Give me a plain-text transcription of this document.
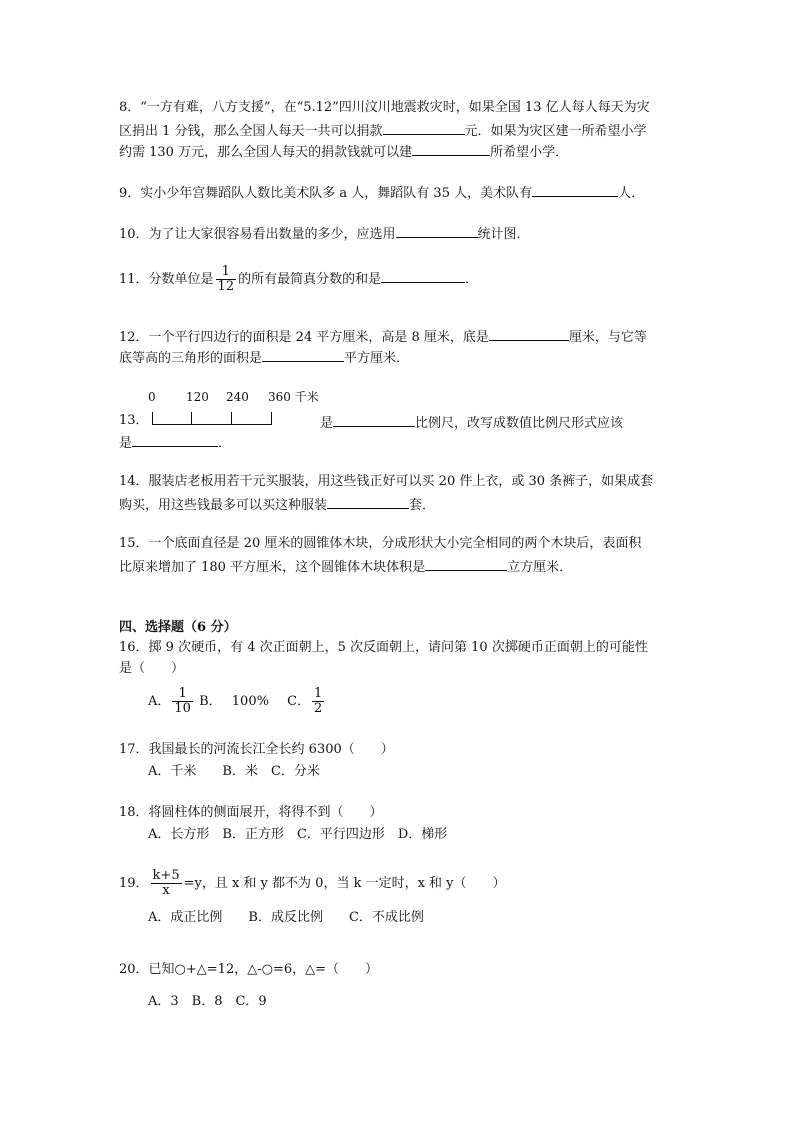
8．“一方有难，八方支援”，在“5.12”四川汶川地震救灾时，如果全国 13 亿人每人每天为灾
区捐出 1 分钱，那么全国人每天一共可以捐款	元．如果为灾区建一所希望小学
约需 130 万元，那么全国人每天的捐款钱就可以建	所希望小学．
9．实小少年宫舞蹈队人数比美术队多 a 人，舞蹈队有 35 人，美术队有	人．
10．为了让大家很容易看出数量的多少，应选用	统计图．
11．分数单位是 $\frac{1}{12}$ 的所有最简真分数的和是	．
12．一个平行四边行的面积是 24 平方厘米，高是 8 厘米，底是	厘米，与它等
底等高的三角形的面积是	平方厘米．
0	120 240 360 千米
13．	是	比例尺，改写成数值比例尺形式应该
是	．
14．服装店老板用若干元买服装，用这些钱正好可以买 20 件上衣，或 30 条裤子，如果成套
购买，用这些钱最多可以买这种服装	套．
15．一个底面直径是 20 厘米的圆锥体木块，分成形状大小完全相同的两个木块后，表面积
比原来增加了 180 平方厘米，这个圆锥体木块体积是	立方厘米．
四、选择题（6 分）
16．掷 9 次硬币，有 4 次正面朝上，5 次反面朝上，请问第 10 次掷硬币正面朝上的可能性
是（　　）
A． $\frac{1}{10}$ B． 100% C． $\frac{1}{2}$
17．我国最长的河流长江全长约 6300（　　）
A．千米　　B．米　C．分米
18．将圆柱体的侧面展开，将得不到（　　）
A．长方形　B．正方形　C．平行四边形　D．梯形
19． $\frac{k+5}{x} =y$，且 x 和 y 都不为 0，当 k 一定时，x 和 y（　　）
A．成正比例　　B．成反比例　　C．不成比例
20．已知○+△=12，△-○=6，△=（　　）
A．3　B．8　C．9
